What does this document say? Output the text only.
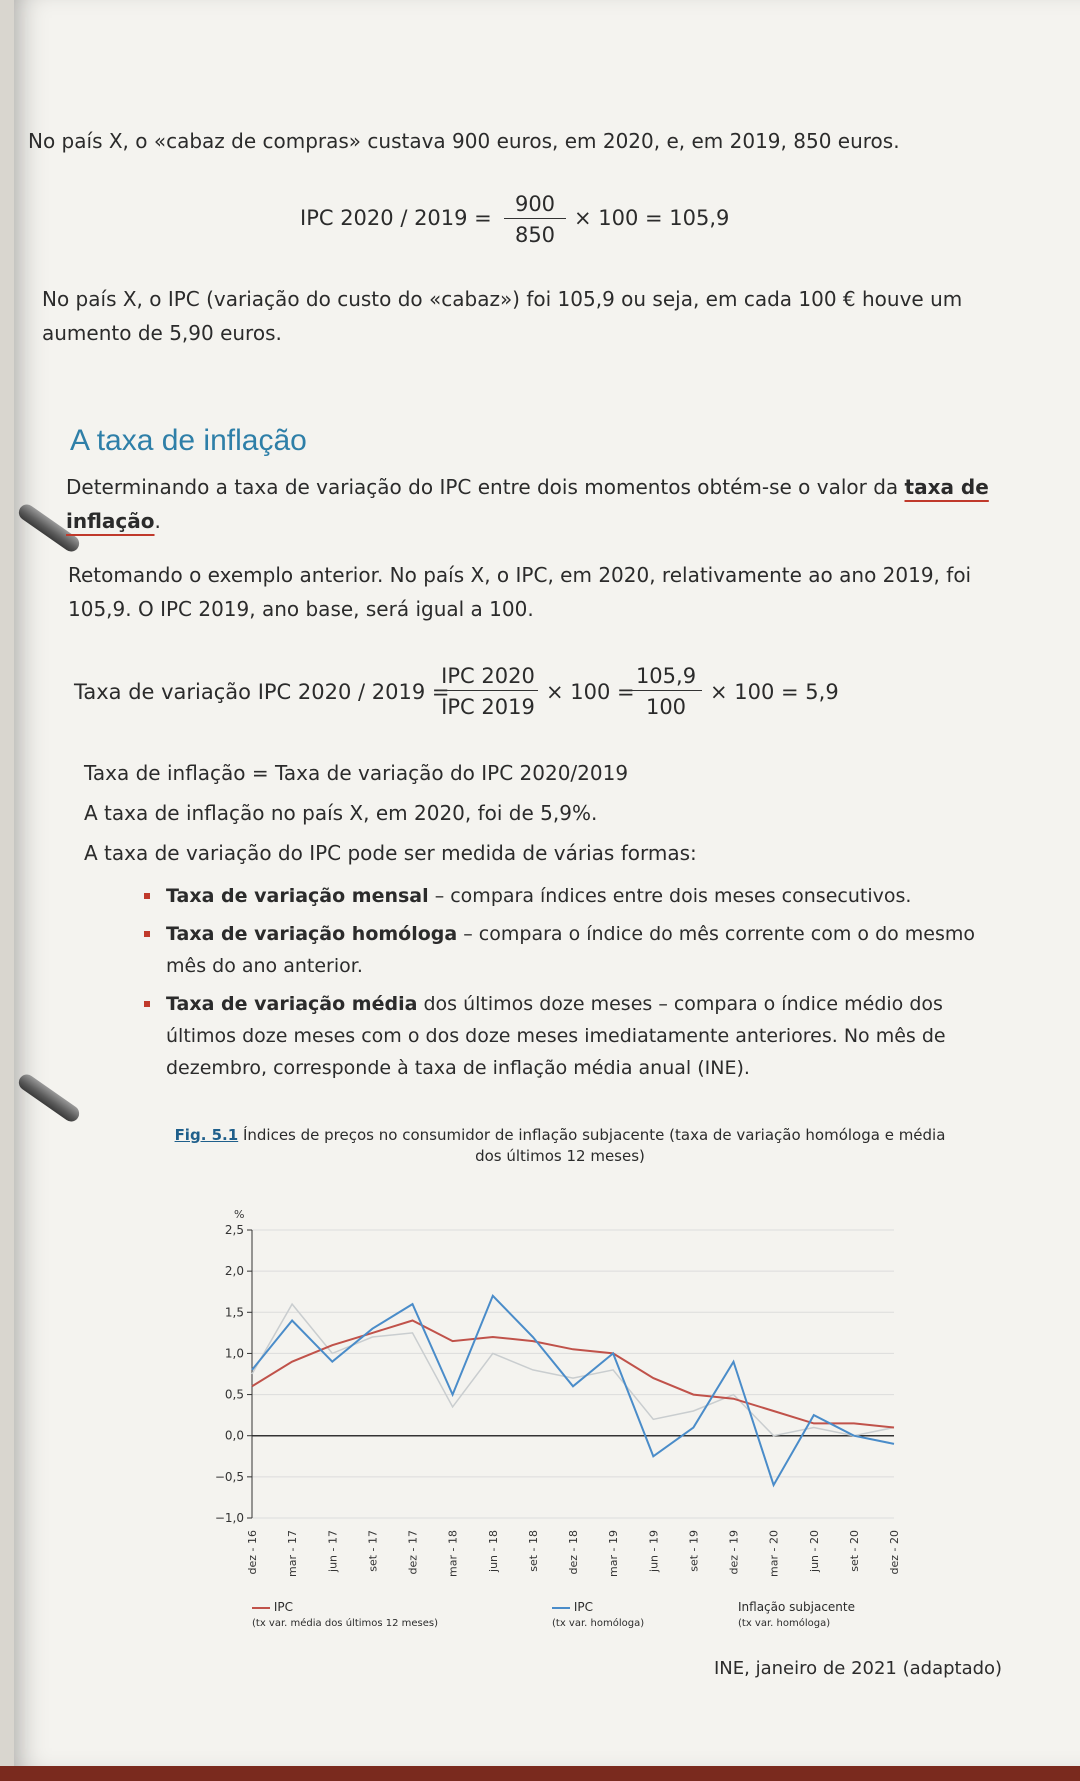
No país X, o «cabaz de compras» custava 900 euros, em 2020, e, em 2019, 850 euros.

IPC $2020 / 2019 = \frac{900}{850} \times 100 = 105,9$

No país X, o IPC (variação do custo do «cabaz») foi 105,9 ou seja, em cada 100 € houve um aumento de 5,90 euros.

A taxa de inflação

Determinando a taxa de variação do IPC entre dois momentos obtém-se o valor da taxa de inflação.

Retomando o exemplo anterior. No país X, o IPC, em 2020, relativamente ao ano 2019, foi 105,9. O IPC 2019, ano base, será igual a 100.

Taxa de variação IPC 2020 / 2019 =
IPC 2020
IPC 2019
× 100 =
$\frac{105,9}{100} \times 100 = 5,9$

Taxa de inflação = Taxa de variação do IPC 2020/2019

A taxa de inflação no país X, em 2020, foi de 5,9%.

A taxa de variação do IPC pode ser medida de várias formas:

Taxa de variação mensal – compara índices entre dois meses consecutivos.
Taxa de variação homóloga – compara o índice do mês corrente com o do mesmo mês do ano anterior.
Taxa de variação média dos últimos doze meses – compara o índice médio dos últimos doze meses com o dos doze meses imediatamente anteriores. No mês de dezembro, corresponde à taxa de inflação média anual (INE).
Fig. 5.1 Índices de preços no consumidor de inflação subjacente (taxa de variação homóloga e média dos últimos 12 meses)
2,5
2,0
1,5
1,0
0,5
0,0
−0,5
−1,0
%
dez - 16 mar - 17 jun - 17 set - 17 dez - 17 mar - 18 jun - 18 set - 18 dez - 18 mar - 19 jun - 19 set - 19 dez - 19 mar - 20 jun - 20 set - 20 dez - 20
IPC
(tx var. média dos últimos 12 meses)
IPC
(tx var. homóloga)
Inflação subjacente
(tx var. homóloga)
INE, janeiro de 2021 (adaptado)
